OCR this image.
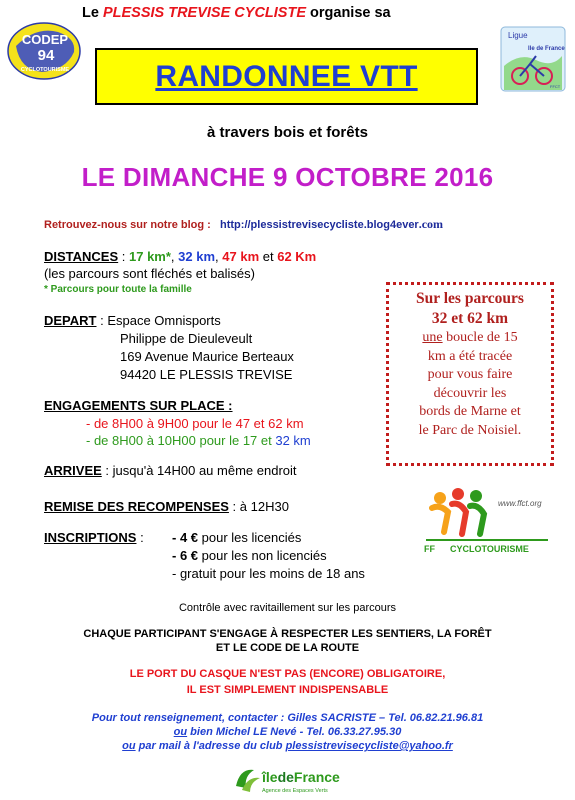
Le PLESSIS TREVISE CYCLISTE organise sa
CODEP
94
CYCLOTOURISME
Ligue
Ile de France
FFCT
RANDONNEE VTT
à travers bois et forêts
LE DIMANCHE 9 OCTOBRE 2016
Retrouvez-nous sur notre blog : http://plessistrevisecycliste.blog4ever.com
DISTANCES : 17 km*, 32 km, 47 km et 62 Km
(les parcours sont fléchés et balisés)
* Parcours pour toute la famille
DEPART : Espace Omnisports
Philippe de Dieuleveult
169 Avenue Maurice Berteaux
94420 LE PLESSIS TREVISE
ENGAGEMENTS SUR PLACE :
- de 8H00 à 9H00 pour le 47 et 62 km
- de 8H00 à 10H00 pour le 17 et 32 km
ARRIVEE : jusqu'à 14H00 au même endroit
REMISE DES RECOMPENSES : à 12H30
INSCRIPTIONS : - 4 € pour les licenciés
- 6 € pour les non licenciés
- gratuit pour les moins de 18 ans
Sur les parcours
32 et 62 km
une boucle de 15
km a été tracée
pour vous faire
découvrir les
bords de Marne et
le Parc de Noisiel.
www.ffct.org
FF CYCLOTOURISME
Contrôle avec ravitaillement sur les parcours
CHAQUE PARTICIPANT S'ENGAGE À RESPECTER LES SENTIERS, LA FORÊT
ET LE CODE DE LA ROUTE
LE PORT DU CASQUE N'EST PAS (ENCORE) OBLIGATOIRE,
IL EST SIMPLEMENT INDISPENSABLE
Pour tout renseignement, contacter : Gilles SACRISTE – Tel. 06.82.21.96.81
ou bien Michel LE Nevé - Tel. 06.33.27.95.30
ou par mail à l'adresse du club plessistrevisecycliste@yahoo.fr
îledeFrance
Agence des Espaces Verts
